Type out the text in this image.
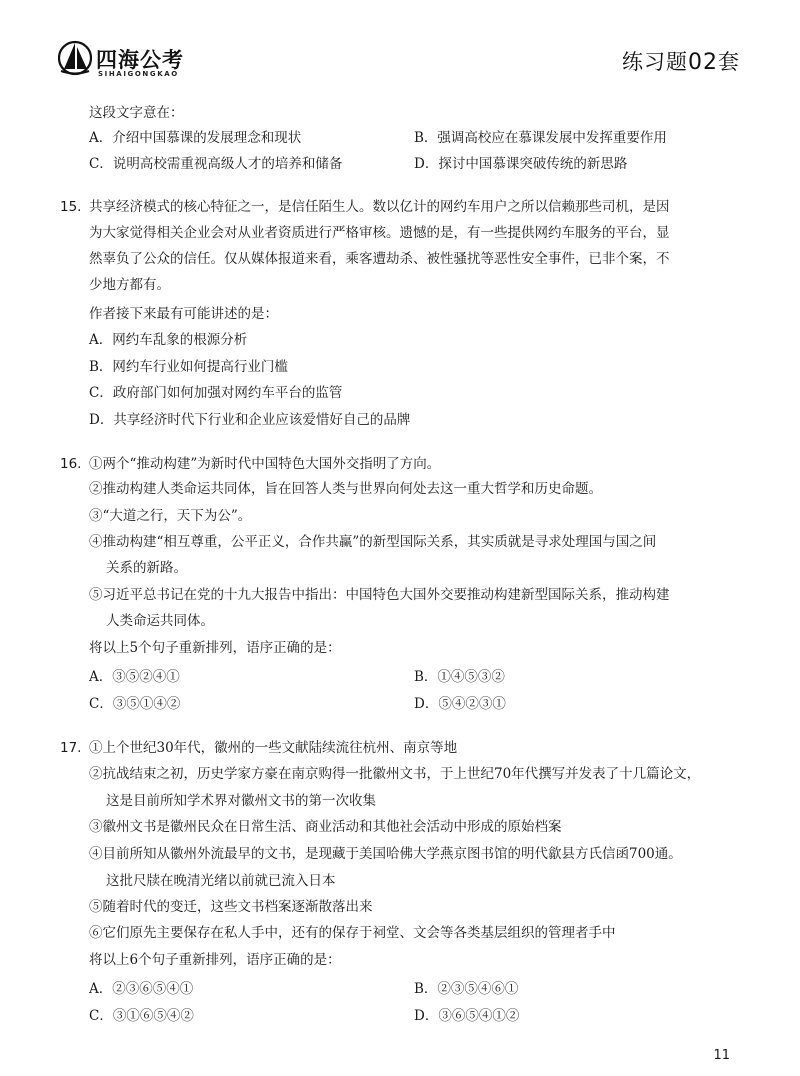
四海公考
SIHAIGONGKAO	练习题02套
这段文字意在：
A．介绍中国慕课的发展理念和现状	B．强调高校应在慕课发展中发挥重要作用
C．说明高校需重视高级人才的培养和储备	D．探讨中国慕课突破传统的新思路
15. 共享经济模式的核心特征之一，是信任陌生人。数以亿计的网约车用户之所以信赖那些司机，是因
为大家觉得相关企业会对从业者资质进行严格审核。遗憾的是，有一些提供网约车服务的平台，显
然辜负了公众的信任。仅从媒体报道来看，乘客遭劫杀、被性骚扰等恶性安全事件，已非个案，不
少地方都有。
作者接下来最有可能讲述的是：
A．网约车乱象的根源分析
B．网约车行业如何提高行业门槛
C．政府部门如何加强对网约车平台的监管
D．共享经济时代下行业和企业应该爱惜好自己的品牌
16. ①两个“推动构建”为新时代中国特色大国外交指明了方向。
②推动构建人类命运共同体，旨在回答人类与世界向何处去这一重大哲学和历史命题。
③“大道之行，天下为公”。
④推动构建“相互尊重，公平正义，合作共赢”的新型国际关系，其实质就是寻求处理国与国之间
关系的新路。
⑤习近平总书记在党的十九大报告中指出：中国特色大国外交要推动构建新型国际关系，推动构建
人类命运共同体。
将以上5个句子重新排列，语序正确的是：
A．③⑤②④①	B．①④⑤③②
C．③⑤①④②	D．⑤④②③①
17. ①上个世纪30年代，徽州的一些文献陆续流往杭州、南京等地
②抗战结束之初，历史学家方豪在南京购得一批徽州文书，于上世纪70年代撰写并发表了十几篇论文，
这是目前所知学术界对徽州文书的第一次收集
③徽州文书是徽州民众在日常生活、商业活动和其他社会活动中形成的原始档案
④目前所知从徽州外流最早的文书，是现藏于美国哈佛大学燕京图书馆的明代歙县方氏信函700通。
这批尺牍在晚清光绪以前就已流入日本
⑤随着时代的变迁，这些文书档案逐渐散落出来
⑥它们原先主要保存在私人手中，还有的保存于祠堂、文会等各类基层组织的管理者手中
将以上6个句子重新排列，语序正确的是：
A．②③⑥⑤④①	B．②③⑤④⑥①
C．③①⑥⑤④②	D．③⑥⑤④①②
11
